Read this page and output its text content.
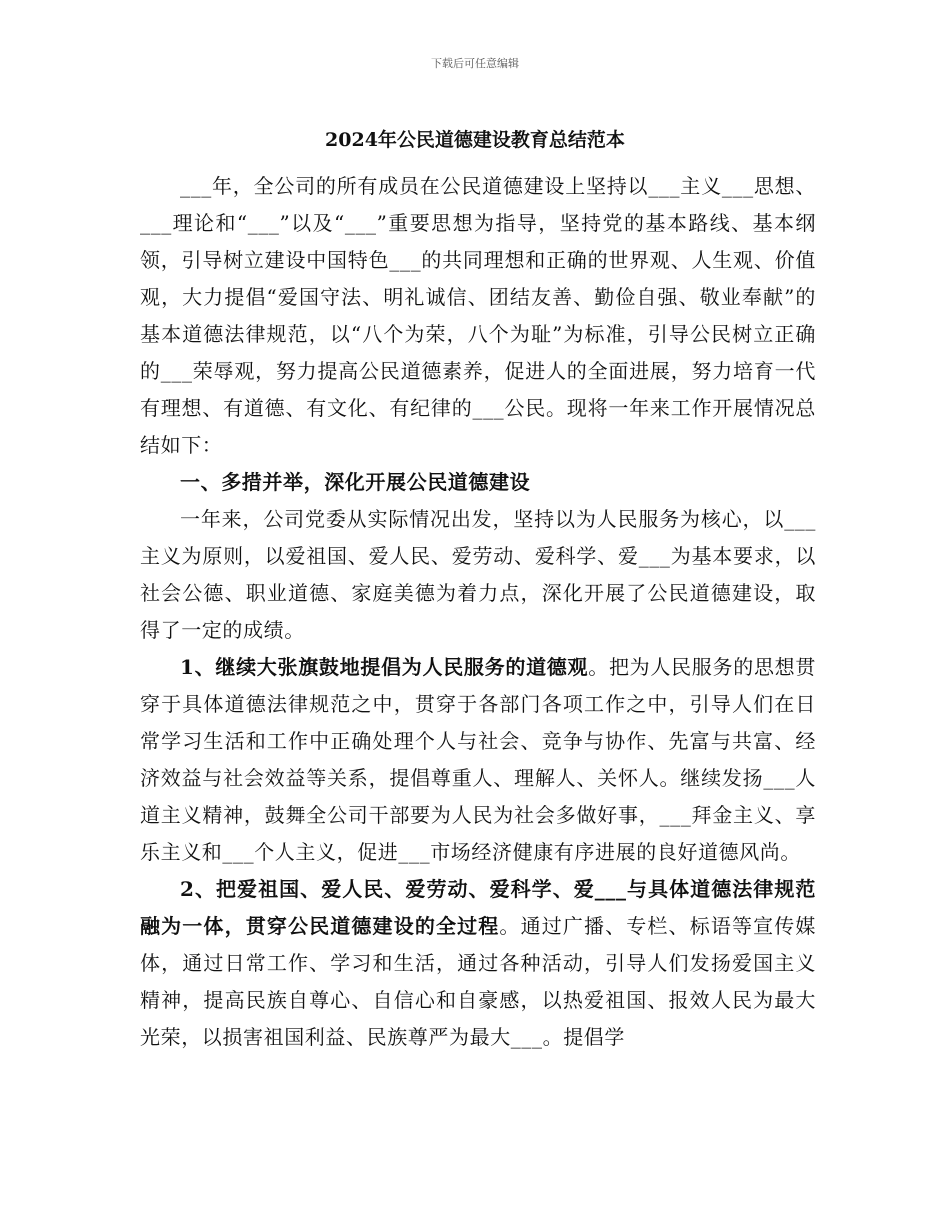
下载后可任意编辑
2024年公民道德建设教育总结范本

___年，全公司的所有成员在公民道德建设上坚持以___主义___思想、___理论和“___”以及“___”重要思想为指导，坚持党的基本路线、基本纲领，引导树立建设中国特色___的共同理想和正确的世界观、人生观、价值观，大力提倡“爱国守法、明礼诚信、团结友善、勤俭自强、敬业奉献”的基本道德法律规范，以“八个为荣，八个为耻”为标准，引导公民树立正确的___荣辱观，努力提高公民道德素养，促进人的全面进展，努力培育一代有理想、有道德、有文化、有纪律的___公民。现将一年来工作开展情况总结如下：

一、多措并举，深化开展公民道德建设

一年来，公司党委从实际情况出发，坚持以为人民服务为核心，以___主义为原则，以爱祖国、爱人民、爱劳动、爱科学、爱___为基本要求，以社会公德、职业道德、家庭美德为着力点，深化开展了公民道德建设，取得了一定的成绩。

1、继续大张旗鼓地提倡为人民服务的道德观。把为人民服务的思想贯穿于具体道德法律规范之中，贯穿于各部门各项工作之中，引导人们在日常学习生活和工作中正确处理个人与社会、竞争与协作、先富与共富、经济效益与社会效益等关系，提倡尊重人、理解人、关怀人。继续发扬___人道主义精神，鼓舞全公司干部要为人民为社会多做好事，___拜金主义、享乐主义和___个人主义，促进___市场经济健康有序进展的良好道德风尚。

2、把爱祖国、爱人民、爱劳动、爱科学、爱___与具体道德法律规范融为一体，贯穿公民道德建设的全过程。通过广播、专栏、标语等宣传媒体，通过日常工作、学习和生活，通过各种活动，引导人们发扬爱国主义精神，提高民族自尊心、自信心和自豪感，以热爱祖国、报效人民为最大光荣，以损害祖国利益、民族尊严为最大___。提倡学
